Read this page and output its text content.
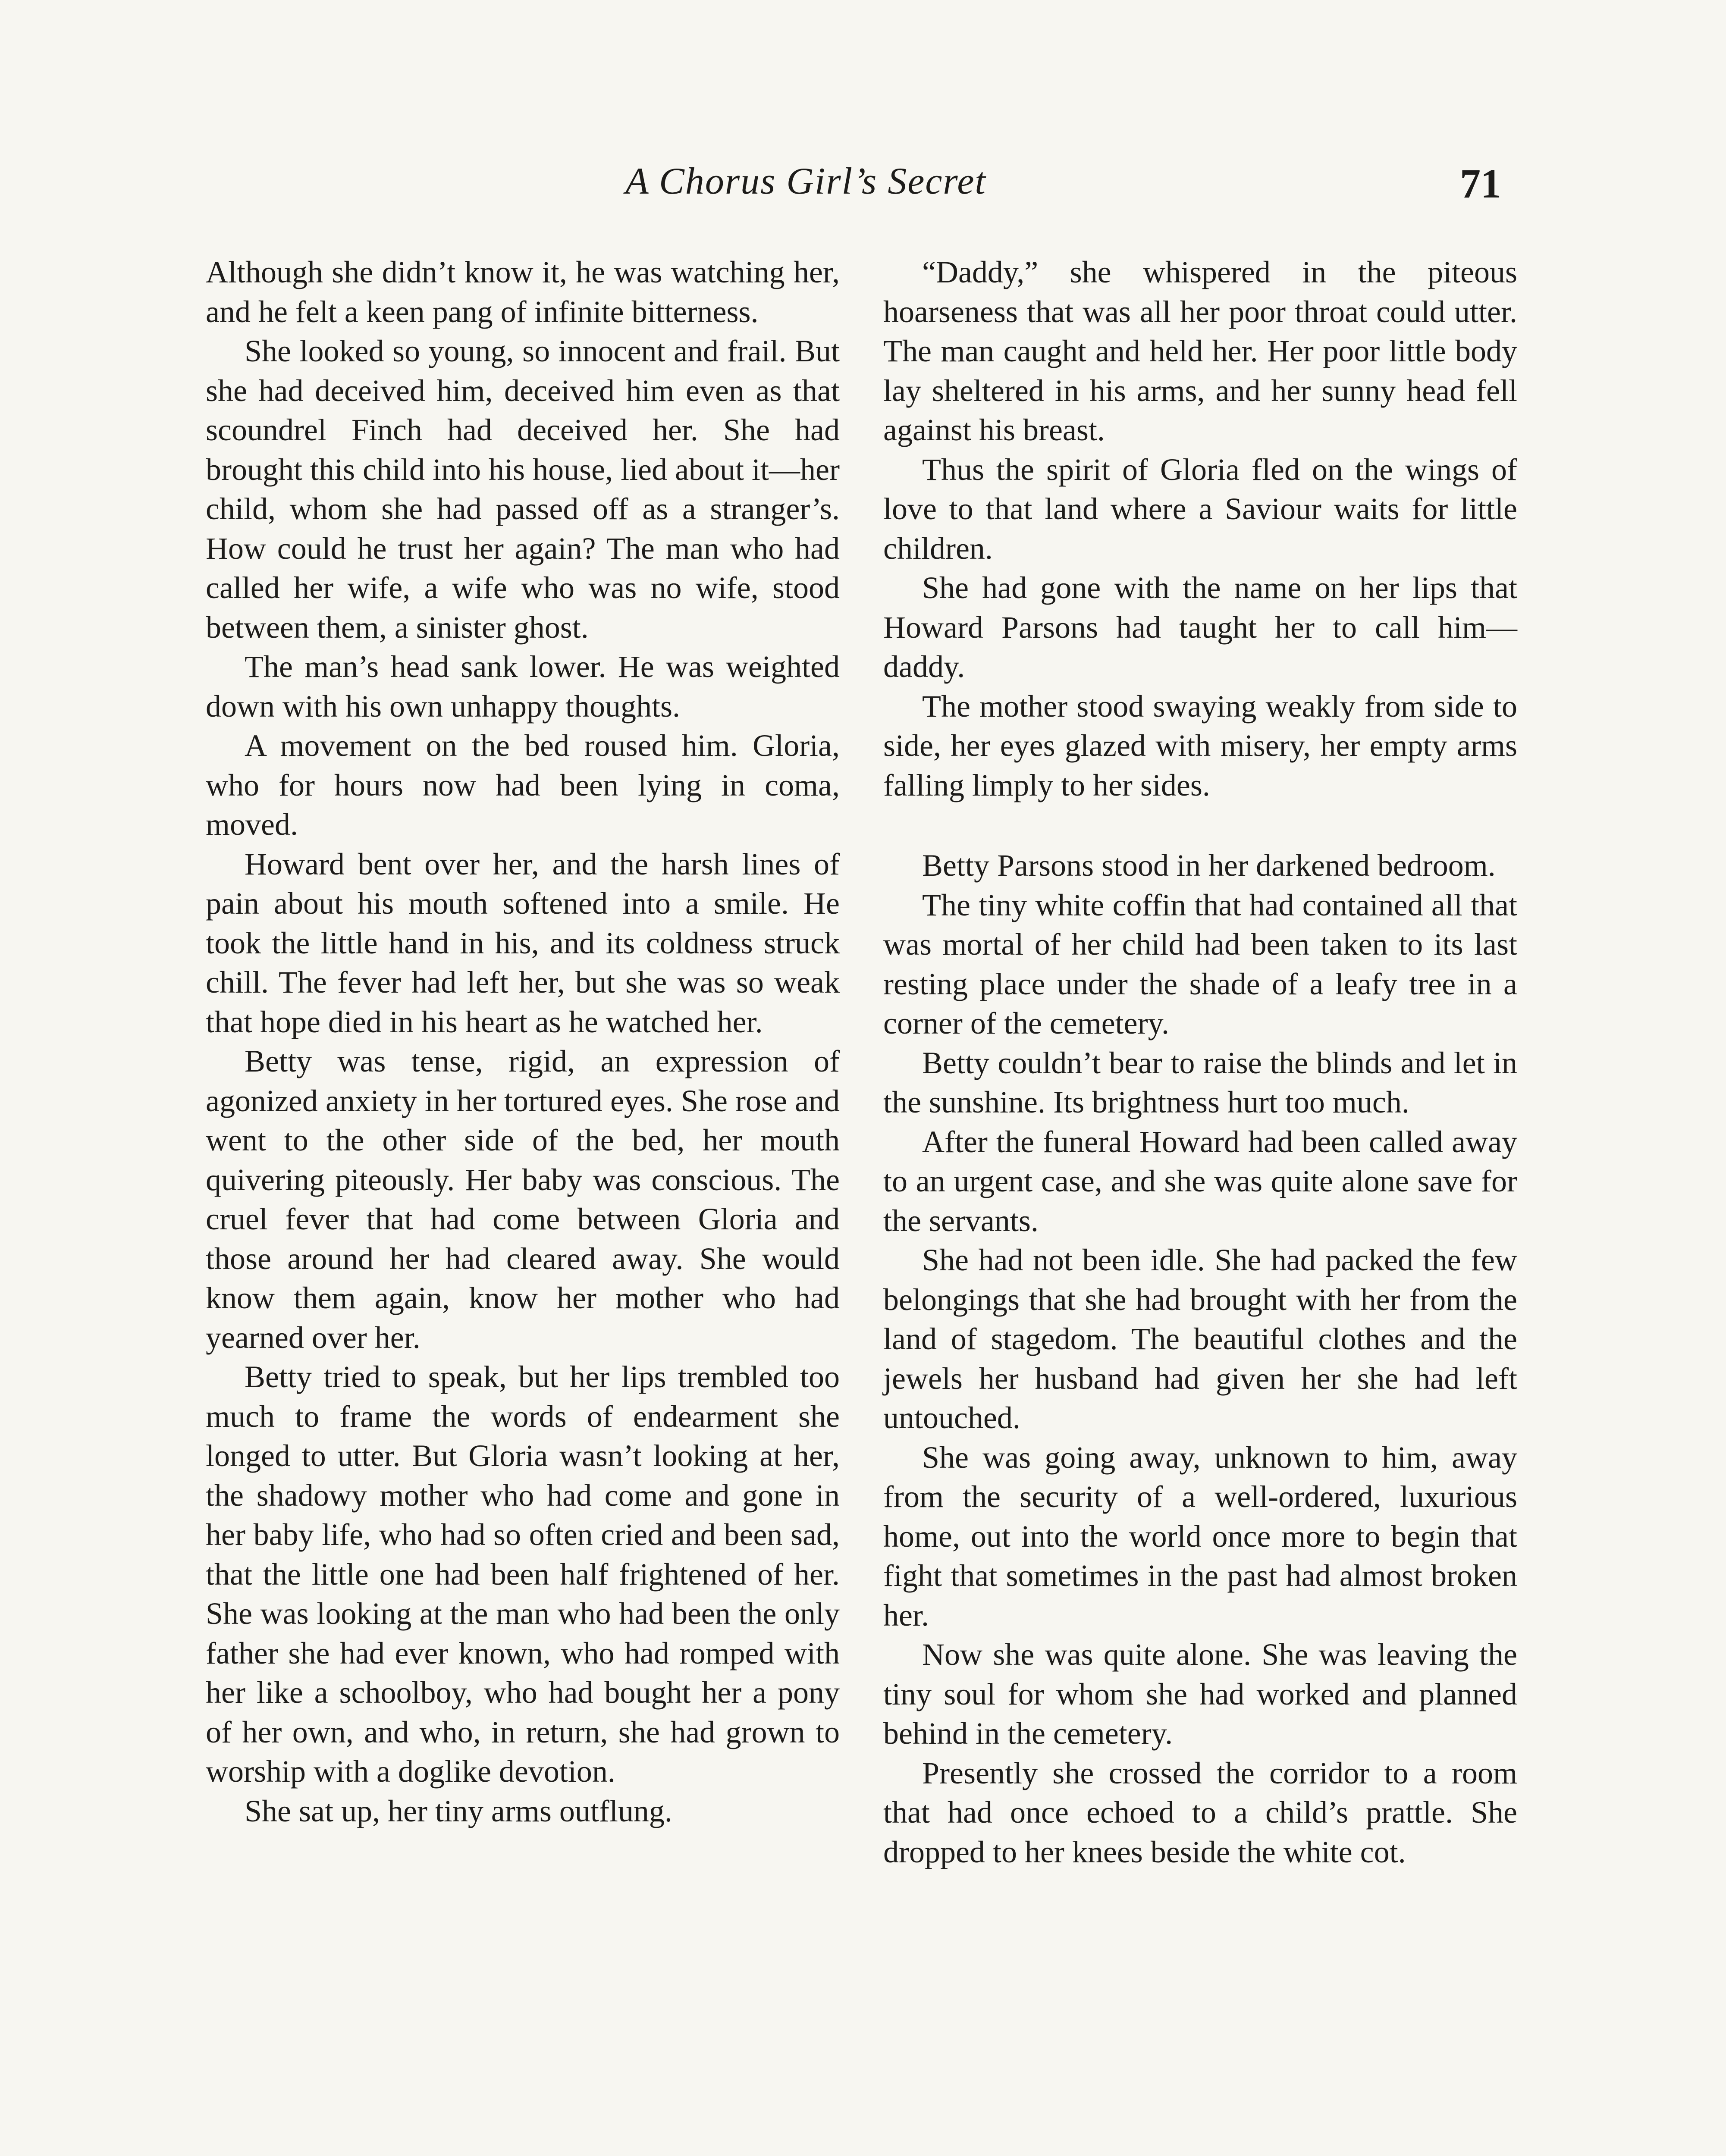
A Chorus Girl’s Secret	71

Although she didn’t know it, he was watching her, and he felt a keen pang of infinite bitterness.

She looked so young, so innocent and frail. But she had deceived him, deceived him even as that scoundrel Finch had deceived her. She had brought this child into his house, lied about it—her child, whom she had passed off as a stranger’s. How could he trust her again? The man who had called her wife, a wife who was no wife, stood between them, a sinister ghost.

The man’s head sank lower. He was weighted down with his own unhappy thoughts.

A movement on the bed roused him. Gloria, who for hours now had been lying in coma, moved.

Howard bent over her, and the harsh lines of pain about his mouth softened into a smile. He took the little hand in his, and its coldness struck chill. The fever had left her, but she was so weak that hope died in his heart as he watched her.

Betty was tense, rigid, an expression of agonized anxiety in her tortured eyes. She rose and went to the other side of the bed, her mouth quivering piteously. Her baby was conscious. The cruel fever that had come between Gloria and those around her had cleared away. She would know them again, know her mother who had yearned over her.

Betty tried to speak, but her lips trembled too much to frame the words of endearment she longed to utter. But Gloria wasn’t looking at her, the shadowy mother who had come and gone in her baby life, who had so often cried and been sad, that the little one had been half frightened of her. She was looking at the man who had been the only father she had ever known, who had romped with her like a schoolboy, who had bought her a pony of her own, and who, in return, she had grown to worship with a doglike devotion.

She sat up, her tiny arms outflung.

“Daddy,” she whispered in the piteous hoarseness that was all her poor throat could utter. The man caught and held her. Her poor little body lay sheltered in his arms, and her sunny head fell against his breast.

Thus the spirit of Gloria fled on the wings of love to that land where a Saviour waits for little children.

She had gone with the name on her lips that Howard Parsons had taught her to call him—daddy.

The mother stood swaying weakly from side to side, her eyes glazed with misery, her empty arms falling limply to her sides.

Betty Parsons stood in her darkened bedroom.

The tiny white coffin that had contained all that was mortal of her child had been taken to its last resting place under the shade of a leafy tree in a corner of the cemetery.

Betty couldn’t bear to raise the blinds and let in the sunshine. Its brightness hurt too much.

After the funeral Howard had been called away to an urgent case, and she was quite alone save for the servants.

She had not been idle. She had packed the few belongings that she had brought with her from the land of stagedom. The beautiful clothes and the jewels her husband had given her she had left untouched.

She was going away, unknown to him, away from the security of a well-ordered, luxurious home, out into the world once more to begin that fight that sometimes in the past had almost broken her.

Now she was quite alone. She was leaving the tiny soul for whom she had worked and planned behind in the cemetery.

Presently she crossed the corridor to a room that had once echoed to a child’s prattle. She dropped to her knees beside the white cot.
